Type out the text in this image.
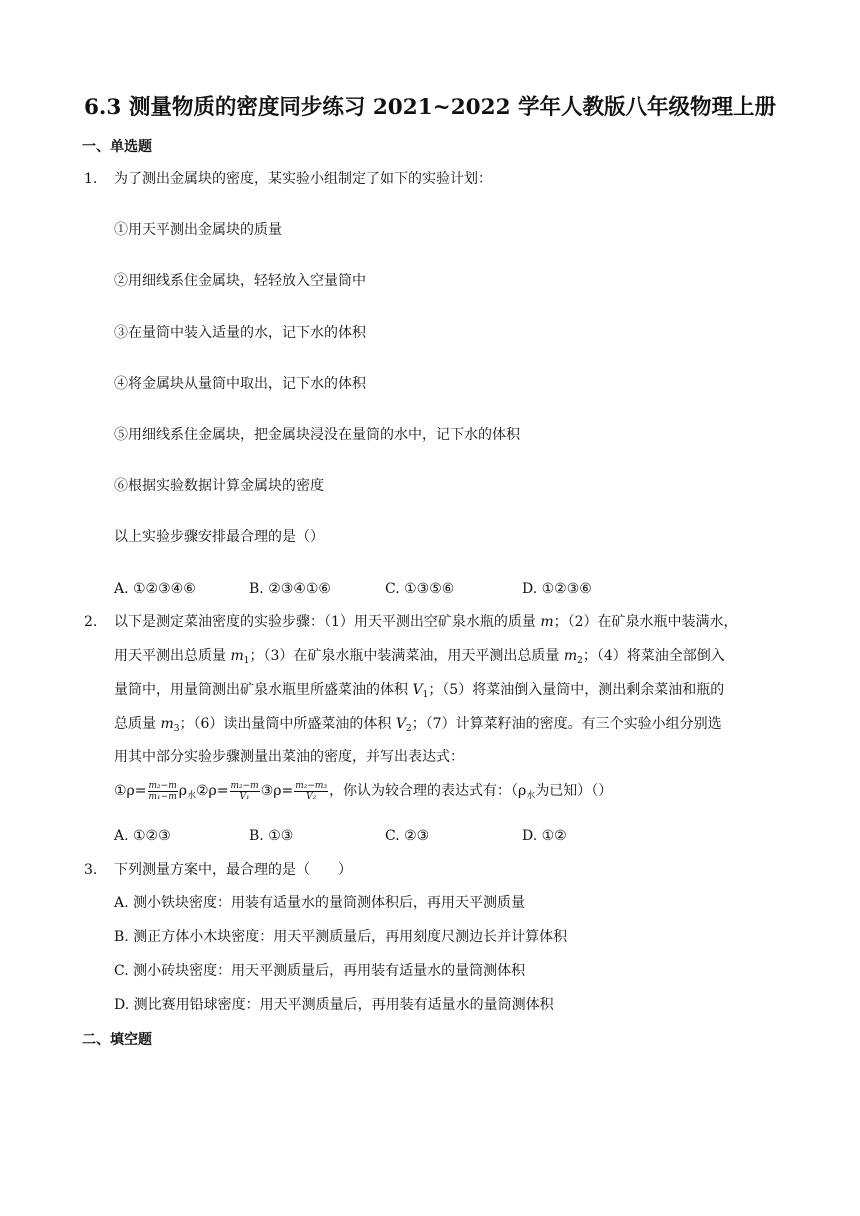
6.3 测量物质的密度同步练习 2021~2022 学年人教版八年级物理上册
一、单选题
1. 为了测出金属块的密度，某实验小组制定了如下的实验计划：
①用天平测出金属块的质量
②用细线系住金属块，轻轻放入空量筒中
③在量筒中装入适量的水，记下水的体积
④将金属块从量筒中取出，记下水的体积
⑤用细线系住金属块，把金属块浸没在量筒的水中，记下水的体积
⑥根据实验数据计算金属块的密度
以上实验步骤安排最合理的是（）
A. ①②③④⑥	B. ②③④①⑥	C. ①③⑤⑥	D. ①②③⑥
2. 以下是测定菜油密度的实验步骤：（1）用天平测出空矿泉水瓶的质量 m；（2）在矿泉水瓶中装满水，
用天平测出总质量 $m_1$；（3）在矿泉水瓶中装满菜油，用天平测出总质量 $m_2$；（4）将菜油全部倒入
量筒中，用量筒测出矿泉水瓶里所盛菜油的体积 $V_1$；（5）将菜油倒入量筒中，测出剩余菜油和瓶的
总质量 $m_3$；（6）读出量筒中所盛菜油的体积 $V_2$；（7）计算菜籽油的密度。有三个实验小组分别选
用其中部分实验步骤测量出菜油的密度，并写出表达式：
①ρ= $\frac{\text{m₂−m}}{\text{m₁−m}}$ $\rho_水②\rho= \frac{\text{m₂−m}}{\text{V₁}}$ ③ρ= $\frac{\text{m₂−m₃}}{\text{V₂}}$ ，你认为较合理的表达式有：（$\rho_水$为已知）（）
A. ①②③	B. ①③	C. ②③	D. ①②
3. 下列测量方案中，最合理的是（　　）
A. 测小铁块密度：用装有适量水的量筒测体积后，再用天平测质量
B. 测正方体小木块密度：用天平测质量后，再用刻度尺测边长并计算体积
C. 测小砖块密度：用天平测质量后，再用装有适量水的量筒测体积
D. 测比赛用铅球密度：用天平测质量后，再用装有适量水的量筒测体积
二、填空题
